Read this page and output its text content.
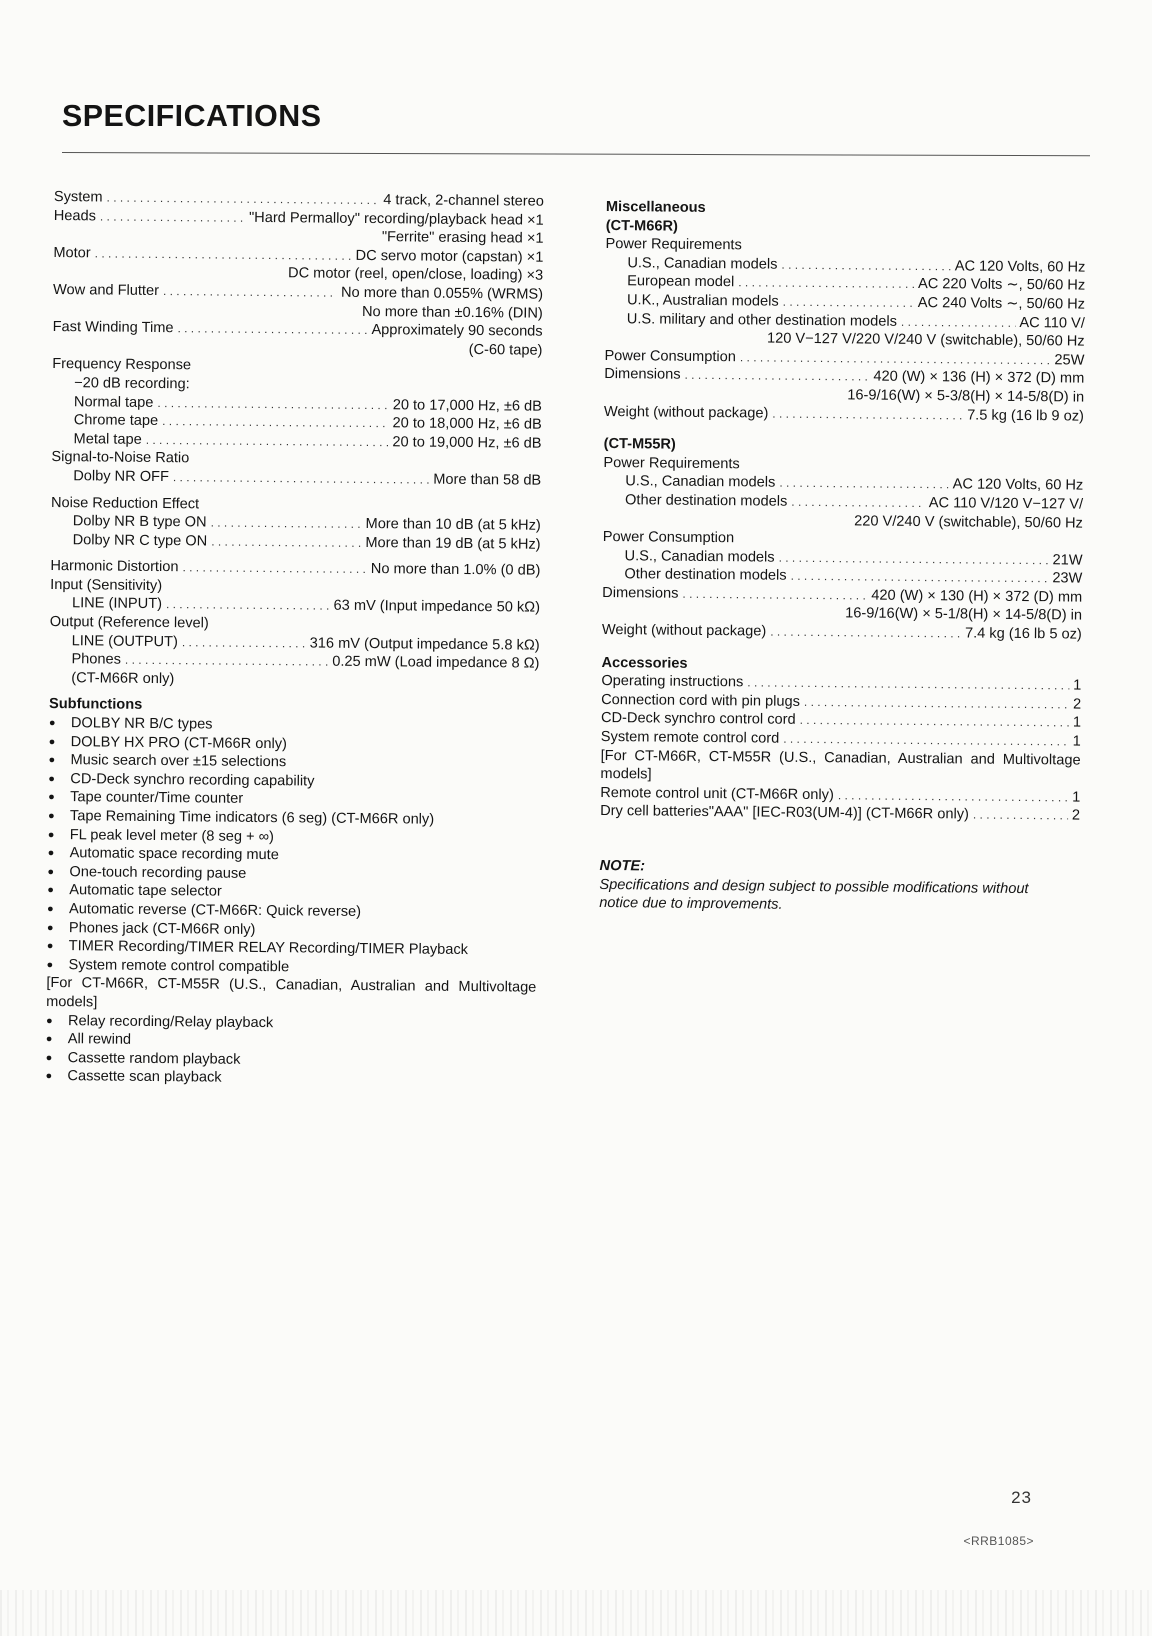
SPECIFICATIONS
System . . .	4 track, 2-channel stereo
Heads . . .	"Hard Permalloy" recording/playback head ×1
"Ferrite" erasing head ×1
Motor . . .	DC servo motor (capstan) ×1
DC motor (reel, open/close, loading) ×3
Wow and Flutter . . .	No more than 0.055% (WRMS)
No more than ±0.16% (DIN)
Fast Winding Time . . .	Approximately 90 seconds
(C-60 tape)
Frequency Response
−20 dB recording:
Normal tape . . .	20 to 17,000 Hz, ±6 dB
Chrome tape . . .	20 to 18,000 Hz, ±6 dB
Metal tape . . .	20 to 19,000 Hz, ±6 dB
Signal-to-Noise Ratio
Dolby NR OFF . . .	More than 58 dB
Noise Reduction Effect
Dolby NR B type ON . . .	More than 10 dB (at 5 kHz)
Dolby NR C type ON . . .	More than 19 dB (at 5 kHz)
Harmonic Distortion . . .	No more than 1.0% (0 dB)
Input (Sensitivity)
LINE (INPUT) . . .	63 mV (Input impedance 50 kΩ)
Output (Reference level)
LINE (OUTPUT) . . .	316 mV (Output impedance 5.8 kΩ)
Phones . . .	0.25 mW (Load impedance 8 Ω)
(CT-M66R only)
Subfunctions
● DOLBY NR B/C types
● DOLBY HX PRO (CT-M66R only)
● Music search over ±15 selections
● CD-Deck synchro recording capability
● Tape counter/Time counter
● Tape Remaining Time indicators (6 seg) (CT-M66R only)
● FL peak level meter (8 seg + ∞)
● Automatic space recording mute
● One-touch recording pause
● Automatic tape selector
● Automatic reverse (CT-M66R: Quick reverse)
● Phones jack (CT-M66R only)
● TIMER Recording/TIMER RELAY Recording/TIMER Playback
● System remote control compatible
[For CT-M66R, CT-M55R (U.S., Canadian, Australian and Multivoltage models]
● Relay recording/Relay playback
● All rewind
● Cassette random playback
● Cassette scan playback
Miscellaneous
(CT-M66R)
Power Requirements
U.S., Canadian models . . .	AC 120 Volts, 60 Hz
European model . . .	AC 220 Volts ∼, 50/60 Hz
U.K., Australian models . . .	AC 240 Volts ∼, 50/60 Hz
U.S. military and other destination models . . .	AC 110 V/
120 V−127 V/220 V/240 V (switchable), 50/60 Hz
Power Consumption . . .	25W
Dimensions . . .	420 (W) × 136 (H) × 372 (D) mm
16-9/16(W) × 5-3/8(H) × 14-5/8(D) in
Weight (without package) . . .	7.5 kg (16 lb 9 oz)
(CT-M55R)
Power Requirements
U.S., Canadian models . . .	AC 120 Volts, 60 Hz
Other destination models . . .	AC 110 V/120 V−127 V/
220 V/240 V (switchable), 50/60 Hz
Power Consumption
U.S., Canadian models . . .	21W
Other destination models . . .	23W
Dimensions . . .	420 (W) × 130 (H) × 372 (D) mm
16-9/16(W) × 5-1/8(H) × 14-5/8(D) in
Weight (without package) . . .	7.4 kg (16 lb 5 oz)
Accessories
Operating instructions . . .	1
Connection cord with pin plugs . . .	2
CD-Deck synchro control cord . . .	1
System remote control cord . . .	1
[For CT-M66R, CT-M55R (U.S., Canadian, Australian and Multivoltage models]
Remote control unit (CT-M66R only) . . .	1
Dry cell batteries"AAA" [IEC-R03(UM-4)] (CT-M66R only) . . .	2
NOTE:
Specifications and design subject to possible modifications without notice due to improvements.
23
<RRB1085>
